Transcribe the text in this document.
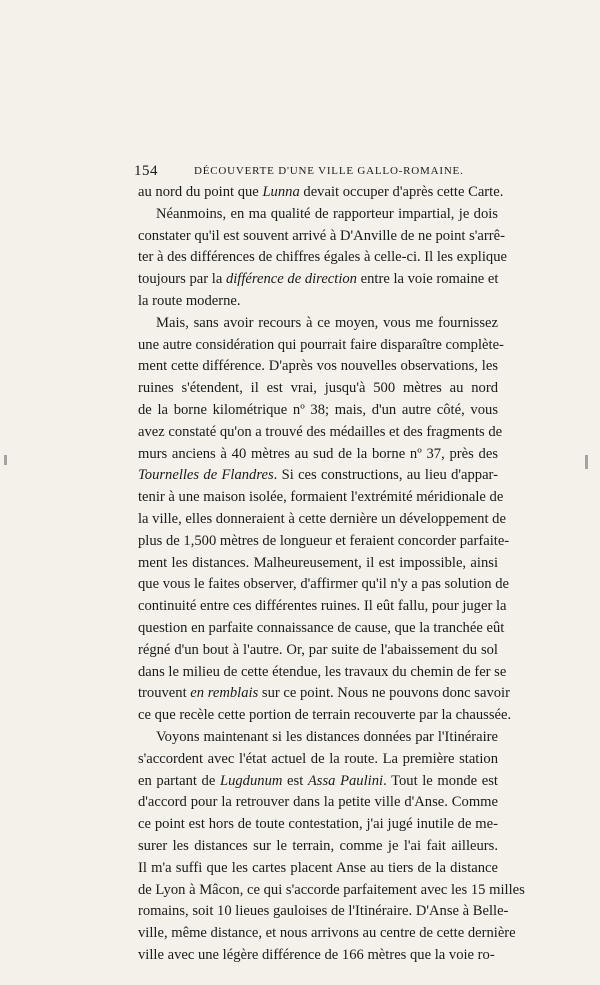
154	DÉCOUVERTE D'UNE VILLE GALLO-ROMAINE.
au nord du point que Lunna devait occuper d'après cette Carte.
Néanmoins, en ma qualité de rapporteur impartial, je dois
constater qu'il est souvent arrivé à D'Anville de ne point s'arrê-
ter à des différences de chiffres égales à celle-ci. Il les explique
toujours par la différence de direction entre la voie romaine et
la route moderne.
Mais, sans avoir recours à ce moyen, vous me fournissez
une autre considération qui pourrait faire disparaître complète-
ment cette différence. D'après vos nouvelles observations, les
ruines s'étendent, il est vrai, jusqu'à 500 mètres au nord
de la borne kilométrique nº 38; mais, d'un autre côté, vous
avez constaté qu'on a trouvé des médailles et des fragments de
murs anciens à 40 mètres au sud de la borne nº 37, près des
Tournelles de Flandres. Si ces constructions, au lieu d'appar-
tenir à une maison isolée, formaient l'extrémité méridionale de
la ville, elles donneraient à cette dernière un développement de
plus de 1,500 mètres de longueur et feraient concorder parfaite-
ment les distances. Malheureusement, il est impossible, ainsi
que vous le faites observer, d'affirmer qu'il n'y a pas solution de
continuité entre ces différentes ruines. Il eût fallu, pour juger la
question en parfaite connaissance de cause, que la tranchée eût
régné d'un bout à l'autre. Or, par suite de l'abaissement du sol
dans le milieu de cette étendue, les travaux du chemin de fer se
trouvent en remblais sur ce point. Nous ne pouvons donc savoir
ce que recèle cette portion de terrain recouverte par la chaussée.
Voyons maintenant si les distances données par l'Itinéraire
s'accordent avec l'état actuel de la route. La première station
en partant de Lugdunum est Assa Paulini. Tout le monde est
d'accord pour la retrouver dans la petite ville d'Anse. Comme
ce point est hors de toute contestation, j'ai jugé inutile de me-
surer les distances sur le terrain, comme je l'ai fait ailleurs.
Il m'a suffi que les cartes placent Anse au tiers de la distance
de Lyon à Mâcon, ce qui s'accorde parfaitement avec les 15 milles
romains, soit 10 lieues gauloises de l'Itinéraire. D'Anse à Belle-
ville, même distance, et nous arrivons au centre de cette dernière
ville avec une légère différence de 166 mètres que la voie ro-
